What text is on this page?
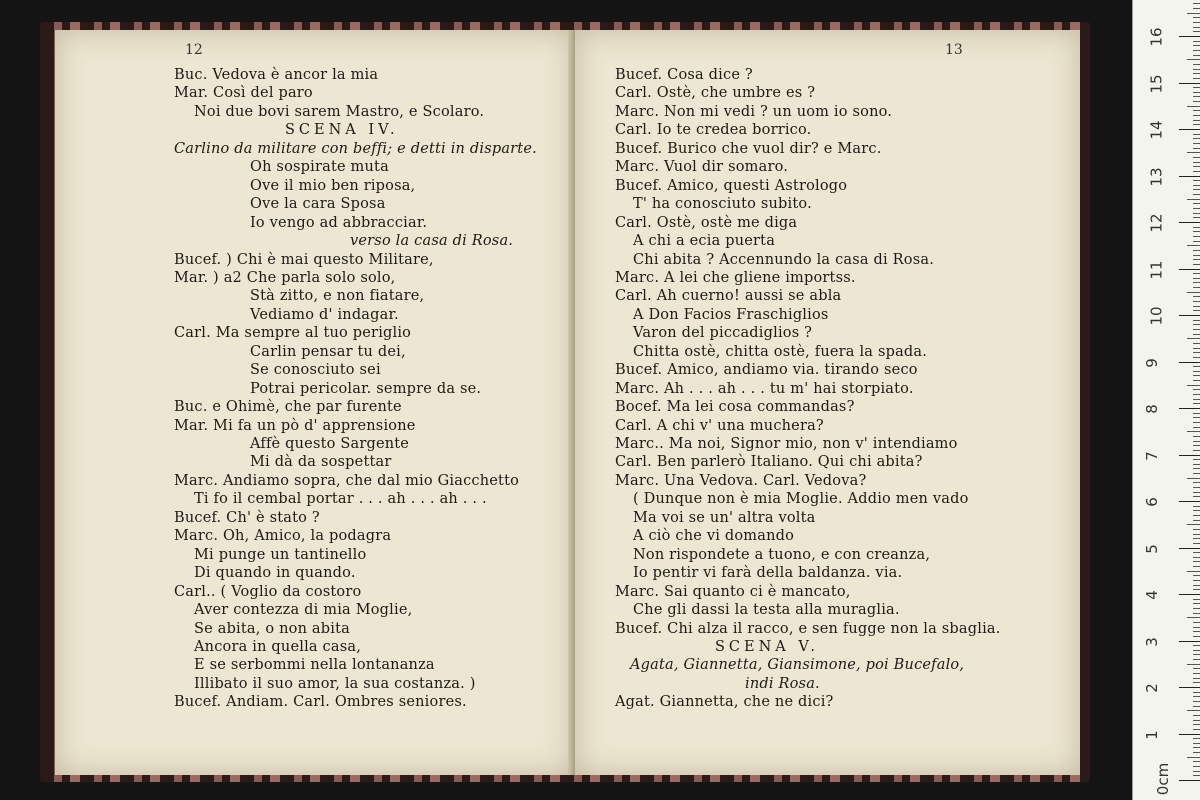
12
Buc. Vedova è ancor la mia
Mar. Così del paro
Noi due bovi sarem Mastro, e Scolaro.
SCENA IV.
Carlino da militare con beffi; e detti in disparte.
Oh sospirate muta
Ove il mio ben riposa,
Ove la cara Sposa
Io vengo ad abbracciar.
verso la casa di Rosa.
Bucef. ) Chi è mai questo Militare,
Mar. ) a2 Che parla solo solo,
Stà zitto, e non fiatare,
Vediamo d' indagar.
Carl. Ma sempre al tuo periglio
Carlin pensar tu dei,
Se conosciuto sei
Potrai pericolar. sempre da se.
Buc. e Ohimè, che par furente
Mar. Mi fa un pò d' apprensione
Affè questo Sargente
Mi dà da sospettar
Marc. Andiamo sopra, che dal mio Giacchetto
Ti fo il cembal portar . . . ah . . . ah . . .
Bucef. Ch' è stato ?
Marc. Oh, Amico, la podagra
Mi punge un tantinello
Di quando in quando.
Carl.. ( Voglio da costoro
Aver contezza di mia Moglie,
Se abita, o non abita
Ancora in quella casa,
E se serbommi nella lontananza
Illibato il suo amor, la sua costanza. )
Bucef. Andiam. Carl. Ombres seniores.
13
Bucef. Cosa dice ?
Carl. Ostè, che umbre es ?
Marc. Non mi vedi ? un uom io sono.
Carl. Io te credea borrico.
Bucef. Burico che vuol dir? e Marc.
Marc. Vuol dir somaro.
Bucef. Amico, questi Astrologo
T' ha conosciuto subito.
Carl. Ostè, ostè me diga
A chi a ecia puerta
Chi abita ? Accennundo la casa di Rosa.
Marc. A lei che gliene importss.
Carl. Ah cuerno! aussi se abla
A Don Facios Fraschiglios
Varon del piccadiglios ?
Chitta ostè, chitta ostè, fuera la spada.
Bucef. Amico, andiamo via. tirando seco
Marc. Ah . . . ah . . . tu m' hai storpiato.
Bocef. Ma lei cosa commandas?
Carl. A chi v' una muchera?
Marc.. Ma noi, Signor mio, non v' intendiamo
Carl. Ben parlerò Italiano. Qui chi abita?
Marc. Una Vedova. Carl. Vedova?
( Dunque non è mia Moglie. Addio men vado
Ma voi se un' altra volta
A ciò che vi domando
Non rispondete a tuono, e con creanza,
Io pentir vi farà della baldanza. via.
Marc. Sai quanto ci è mancato,
Che gli dassi la testa alla muraglia.
Bucef. Chi alza il racco, e sen fugge non la sbaglia.
SCENA V.
Agata, Giannetta, Giansimone, poi Bucefalo,
indi Rosa.
Agat. Giannetta, che ne dici?
0cm
1
2
3
4
5
6
7
8
9
10
11
12
13
14
15
16
